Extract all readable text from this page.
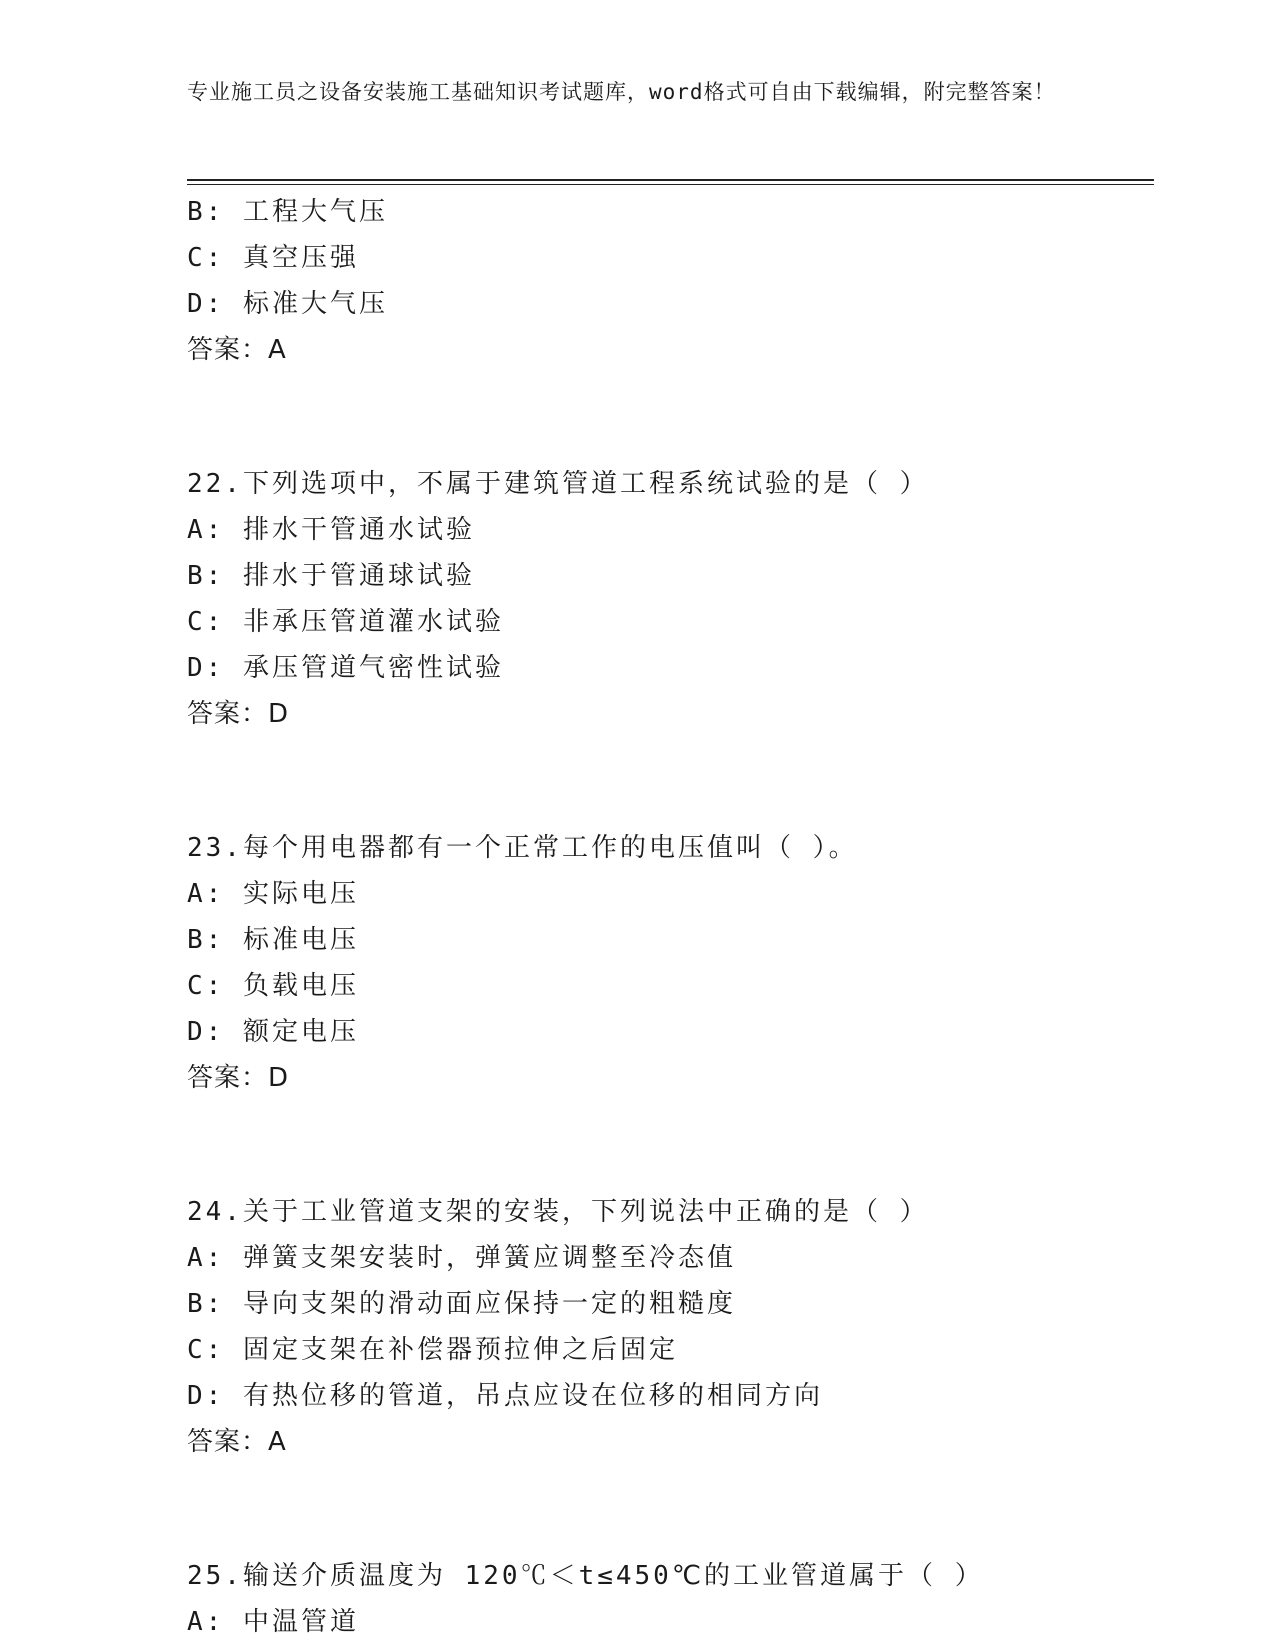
专业施工员之设备安装施工基础知识考试题库，word格式可自由下载编辑，附完整答案！
B: 工程大气压
C: 真空压强
D: 标准大气压
答案：A
22.下列选项中，不属于建筑管道工程系统试验的是（ ）
A: 排水干管通水试验
B: 排水于管通球试验
C: 非承压管道灌水试验
D: 承压管道气密性试验
答案：D
23.每个用电器都有一个正常工作的电压值叫（ ）。
A: 实际电压
B: 标准电压
C: 负载电压
D: 额定电压
答案：D
24.关于工业管道支架的安装，下列说法中正确的是（ ）
A: 弹簧支架安装时，弹簧应调整至冷态值
B: 导向支架的滑动面应保持一定的粗糙度
C: 固定支架在补偿器预拉伸之后固定
D: 有热位移的管道，吊点应设在位移的相同方向
答案：A
25.输送介质温度为 120℃＜t≤450℃的工业管道属于（ ）
A: 中温管道
